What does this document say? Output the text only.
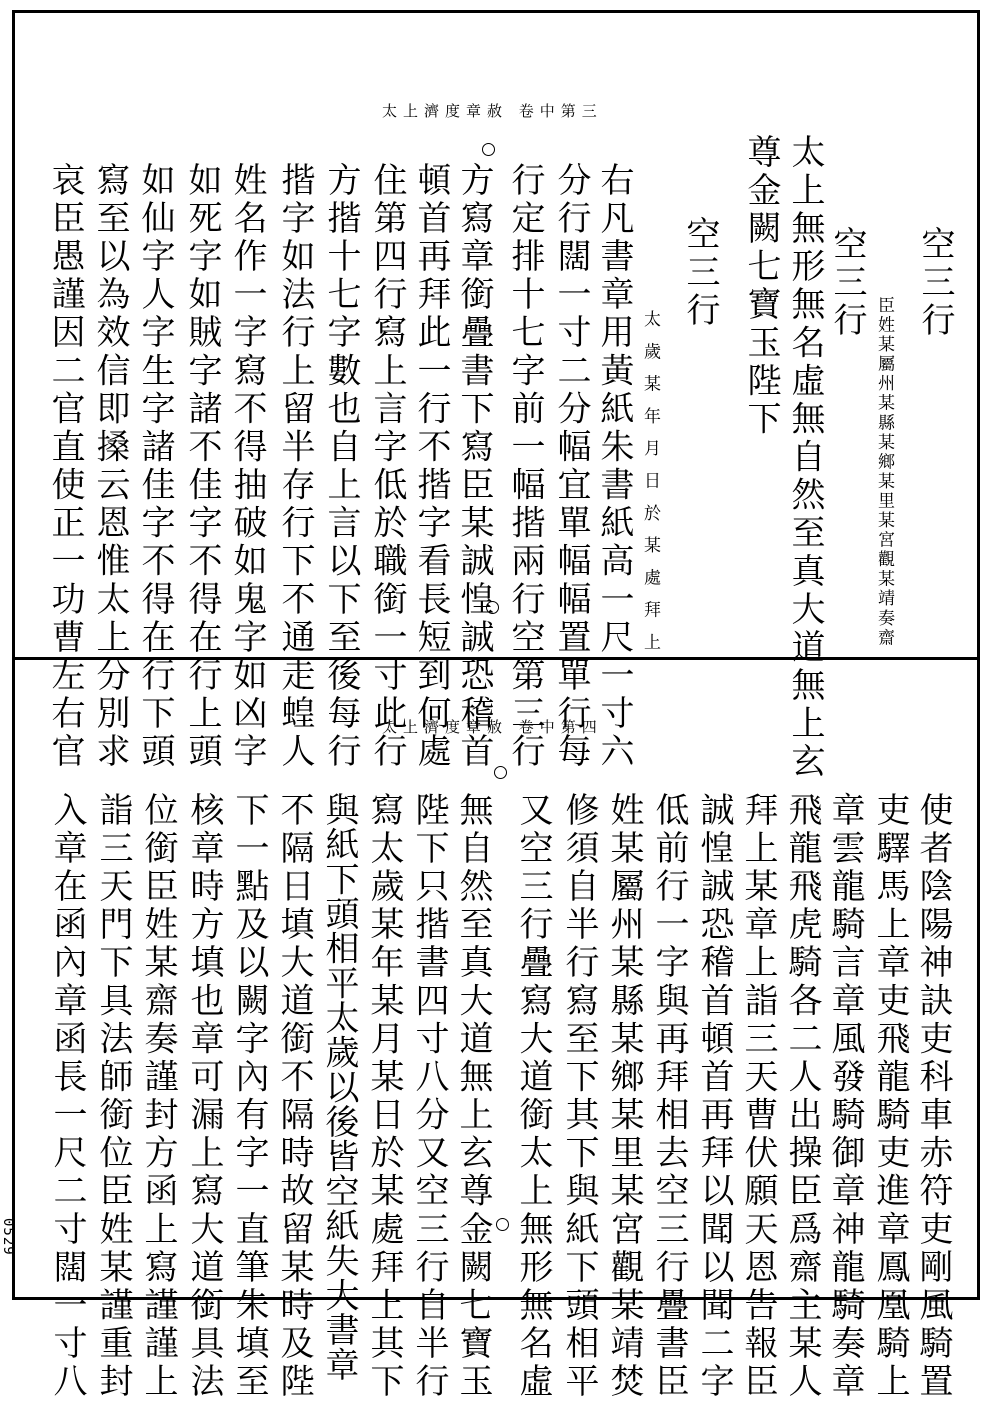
太上濟度章赦 卷中第三
空三行
臣姓某屬州某縣某鄉某里某宮觀某靖奏齋
空三行
太上無形無名虛無自然至真大道無上玄
尊金闕七寶玉陛下
空三行
太歲某年月日於某處拜上
右凡書章用黃紙朱書紙高一尺一寸六
分行闊一寸二分幅宜單幅幅置單行每
行定排十七字前一幅揩兩行空第三行
方寫章銜疊書下寫臣某誠惶誠恐稽首
頓首再拜此一行不揩字看長短到何處
住第四行寫上言字低於職銜一寸此行
方揩十七字數也自上言以下至後每行
揩字如法行上留半存行下不通走蝗人
姓名作一字寫不得抽破如鬼字如凶字
如死字如賊字諸不佳字不得在行上頭
如仙字人字生字諸佳字不得在行下頭
寫至以為效信即搡云恩惟太上分別求
哀臣愚謹因二官直使正一功曹左右官	太上濟度章赦 卷中第四
使者陰陽神訣吏科車赤符吏剛風騎置
吏驛馬上章吏飛龍騎吏進章鳳凰騎上
章雲龍騎言章風發騎御章神龍騎奏章
飛龍飛虎騎各二人出操臣爲齋主某人
拜上某章上詣三天曹伏願天恩告報臣
誠惶誠恐稽首頓首再拜以聞以聞二字
低前行一字與再拜相去空三行疊書臣
姓某屬州某縣某鄉某里某宮觀某靖焚
修須自半行寫至下其下與紙下頭相平
又空三行疊寫大道銜太上無形無名虛
無自然至真大道無上玄尊金闕七寶玉
陛下只揩書四寸八分又空三行自半行
寫太歲某年某月某日於某處拜上其下
與紙下頭相平太歲以後皆空紙失大書章
不隔日填大道銜不隔時故留某時及陛
下一點及以闕字內有字一直筆朱填至
核章時方填也章可漏上寫大道銜具法
位銜臣姓某齋奏謹封方函上寫謹謹上
詣三天門下具法師銜位臣姓某謹重封
入章在函內章函長一尺二寸闊一寸八
0529
